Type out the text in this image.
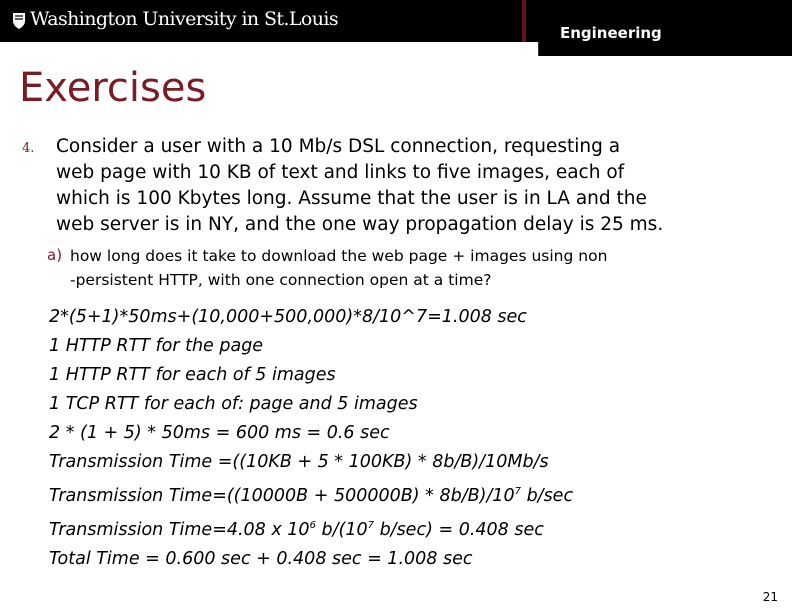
Washington University in St.Louis
Engineering
Exercises
4. Consider a user with a 10 Mb/s DSL connection, requesting a
web page with 10 KB of text and links to five images, each of
which is 100 Kbytes long. Assume that the user is in LA and the
web server is in NY, and the one way propagation delay is 25 ms.
a) how long does it take to download the web page + images using non
-persistent HTTP, with one connection open at a time?
2*(5+1)*50ms+(10,000+500,000)*8/10^7=1.008 sec
1 HTTP RTT for the page
1 HTTP RTT for each of 5 images
1 TCP RTT for each of: page and 5 images
2 * (1 + 5) * 50ms = 600 ms = 0.6 sec
Transmission Time =((10KB + 5 * 100KB) * 8b/B)/10Mb/s
Transmission Time=((10000B + $500000B) * 8b/B)/10^7$ b/sec
Transmission Time=4.08 x $10^6$ $b/(10^7$ b/sec) = 0.408 sec
Total Time = 0.600 sec + 0.408 sec = 1.008 sec
21
